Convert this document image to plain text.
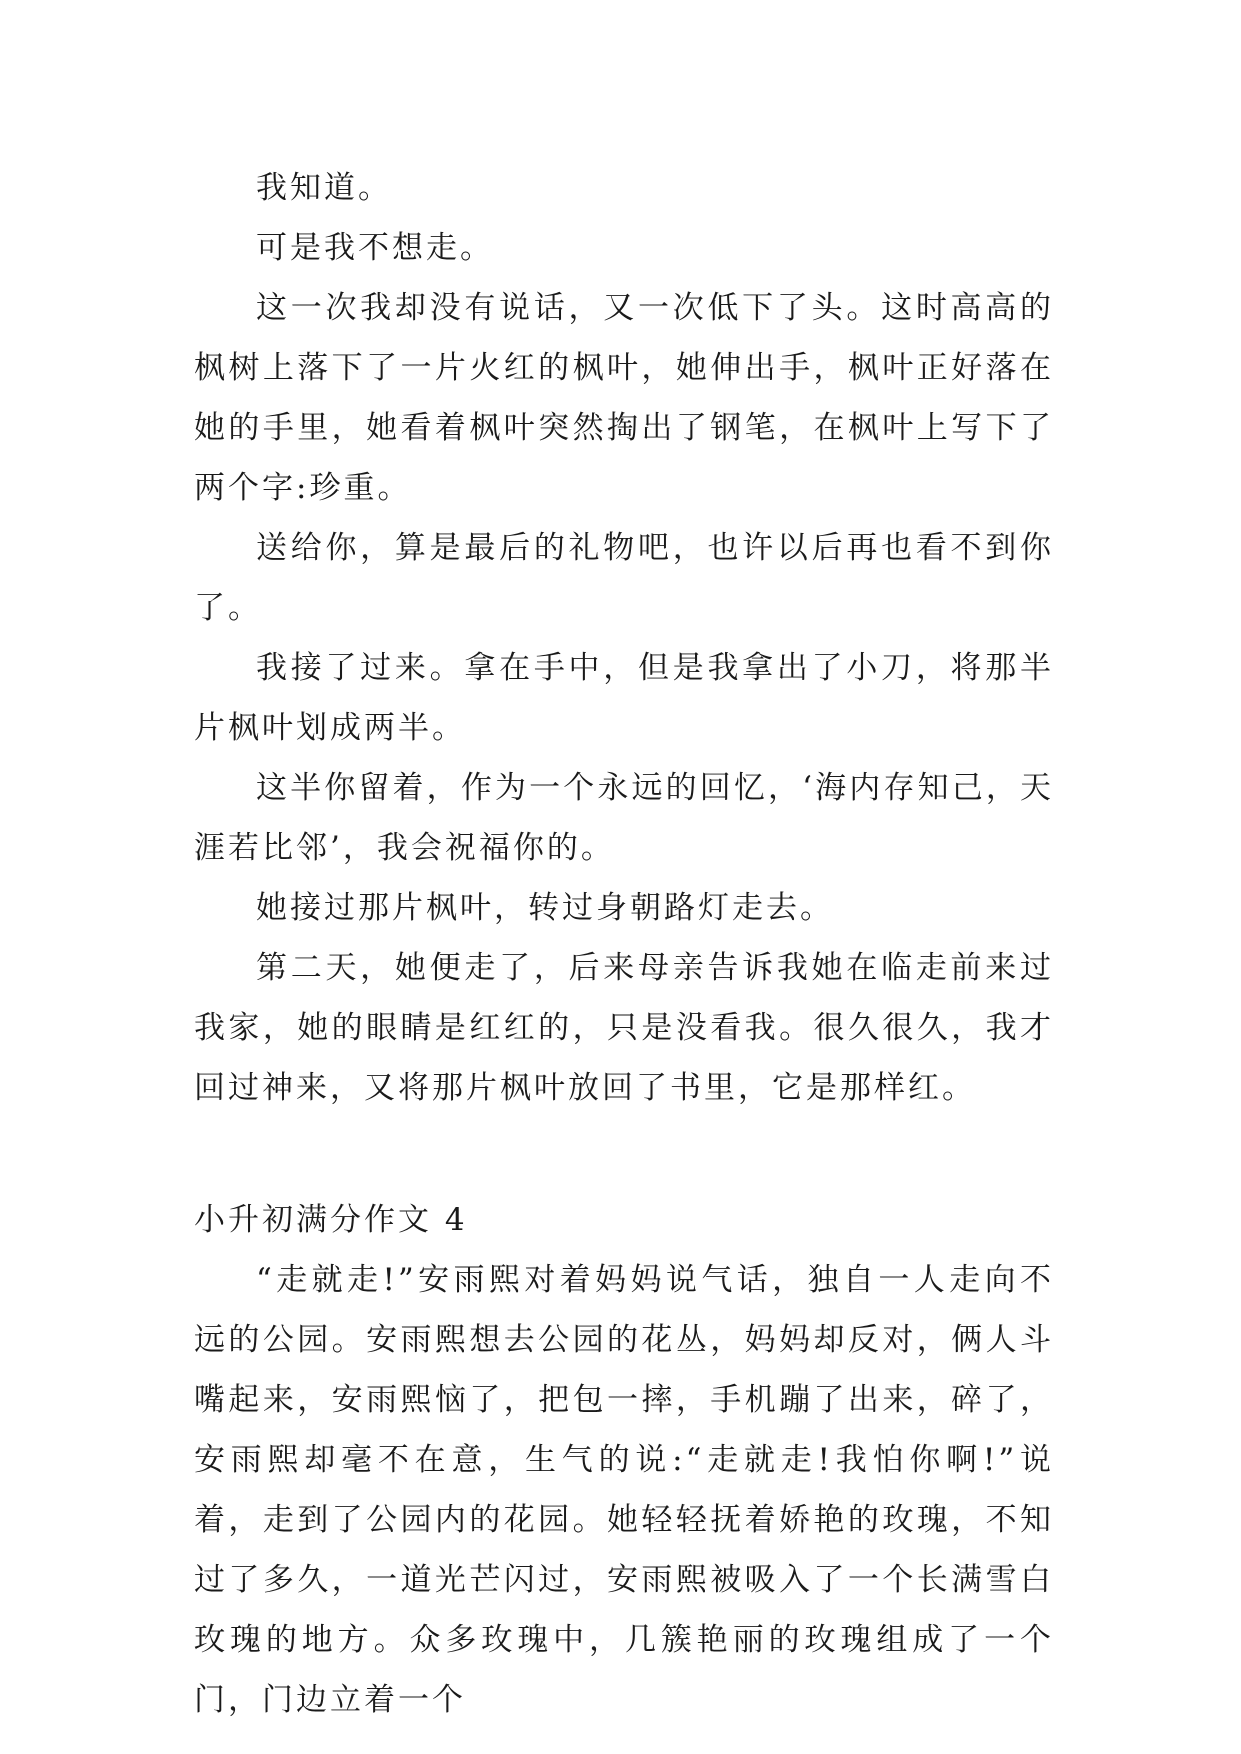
我知道。

可是我不想走。

这一次我却没有说话，又一次低下了头。这时高高的枫树上落下了一片火红的枫叶，她伸出手，枫叶正好落在她的手里，她看着枫叶突然掏出了钢笔，在枫叶上写下了两个字:珍重。

送给你，算是最后的礼物吧，也许以后再也看不到你了。

我接了过来。拿在手中，但是我拿出了小刀，将那半片枫叶划成两半。

这半你留着，作为一个永远的回忆，‘海内存知己，天涯若比邻’，我会祝福你的。

她接过那片枫叶，转过身朝路灯走去。

第二天，她便走了，后来母亲告诉我她在临走前来过我家，她的眼睛是红红的，只是没看我。很久很久，我才回过神来，又将那片枫叶放回了书里，它是那样红。

小升初满分作文 4

“走就走!”安雨熙对着妈妈说气话，独自一人走向不远的公园。安雨熙想去公园的花丛，妈妈却反对，俩人斗嘴起来，安雨熙恼了，把包一摔，手机蹦了出来，碎了，安雨熙却毫不在意，生气的说:“走就走!我怕你啊!”说着，走到了公园内的花园。她轻轻抚着娇艳的玫瑰，不知过了多久，一道光芒闪过，安雨熙被吸入了一个长满雪白玫瑰的地方。众多玫瑰中，几簇艳丽的玫瑰组成了一个门，门边立着一个
